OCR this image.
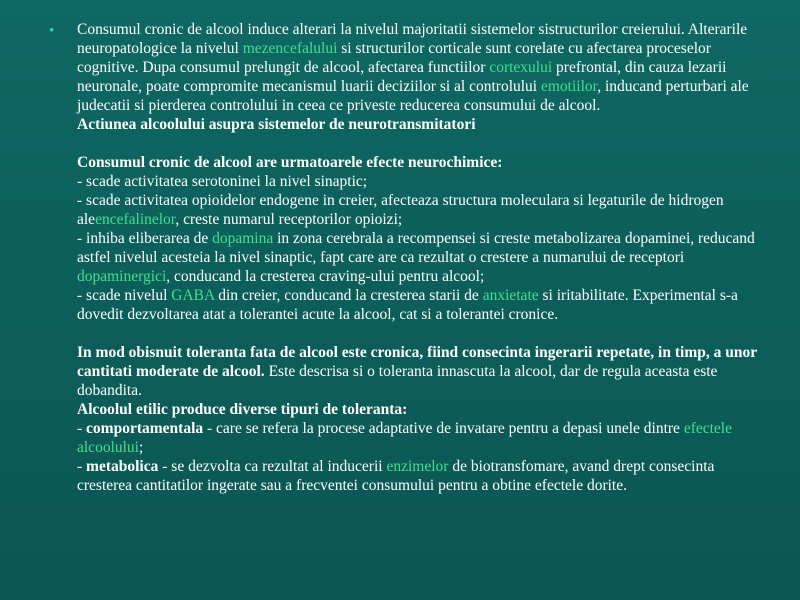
• Consumul cronic de alcool induce alterari la nivelul majoritatii sistemelor sistructurilor creierului. Alterarile neuropatologice la nivelul mezencefalului si structurilor corticale sunt corelate cu afectarea proceselor cognitive. Dupa consumul prelungit de alcool, afectarea functiilor cortexului prefrontal, din cauza lezarii neuronale, poate compromite mecanismul luarii deciziilor si al controlului emotiilor, inducand perturbari ale judecatii si pierderea controlului in ceea ce priveste reducerea consumului de alcool.
Actiunea alcoolului asupra sistemelor de neurotransmitatori
Consumul cronic de alcool are urmatoarele efecte neurochimice:
- scade activitatea serotoninei la nivel sinaptic;
- scade activitatea opioidelor endogene in creier, afecteaza structura moleculara si legaturile de hidrogen aleencefalinelor, creste numarul receptorilor opioizi;
- inhiba eliberarea de dopamina in zona cerebrala a recompensei si creste metabolizarea dopaminei, reducand astfel nivelul acesteia la nivel sinaptic, fapt care are ca rezultat o crestere a numarului de receptori dopaminergici, conducand la cresterea craving-ului pentru alcool;
- scade nivelul GABA din creier, conducand la cresterea starii de anxietate si iritabilitate. Experimental s-a dovedit dezvoltarea atat a tolerantei acute la alcool, cat si a tolerantei cronice.
In mod obisnuit toleranta fata de alcool este cronica, fiind consecinta ingerarii repetate, in timp, a unor cantitati moderate de alcool. Este descrisa si o toleranta innascuta la alcool, dar de regula aceasta este dobandita.
Alcoolul etilic produce diverse tipuri de toleranta:
- comportamentala - care se refera la procese adaptative de invatare pentru a depasi unele dintre efectele alcoolului;
- metabolica - se dezvolta ca rezultat al inducerii enzimelor de biotransfomare, avand drept consecinta cresterea cantitatilor ingerate sau a frecventei consumului pentru a obtine efectele dorite.
